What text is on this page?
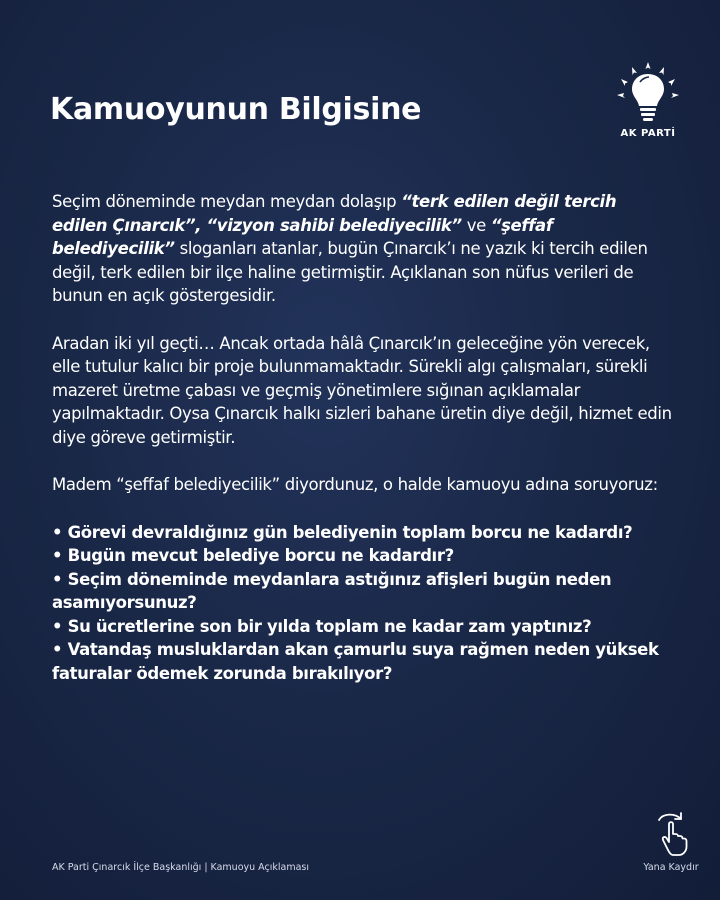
Kamuoyunun Bilgisine
AK PARTİ

Seçim döneminde meydan meydan dolaşıp “terk edilen değil tercih edilen Çınarcık”, “vizyon sahibi belediyecilik” ve “şeffaf belediyecilik” sloganları atanlar, bugün Çınarcık’ı ne yazık ki tercih edilen değil, terk edilen bir ilçe haline getirmiştir. Açıklanan son nüfus verileri de bunun en açık göstergesidir.

Aradan iki yıl geçti… Ancak ortada hâlâ Çınarcık’ın geleceğine yön verecek, elle tutulur kalıcı bir proje bulunmamaktadır. Sürekli algı çalışmaları, sürekli mazeret üretme çabası ve geçmiş yönetimlere sığınan açıklamalar yapılmaktadır. Oysa Çınarcık halkı sizleri bahane üretin diye değil, hizmet edin diye göreve getirmiştir.

Madem “şeffaf belediyecilik” diyordunuz, o halde kamuoyu adına soruyoruz:

• Görevi devraldığınız gün belediyenin toplam borcu ne kadardı?
• Bugün mevcut belediye borcu ne kadardır?
• Seçim döneminde meydanlara astığınız afişleri bugün neden asamıyorsunuz?
• Su ücretlerine son bir yılda toplam ne kadar zam yaptınız?
• Vatandaş musluklardan akan çamurlu suya rağmen neden yüksek faturalar ödemek zorunda bırakılıyor?
AK Parti Çınarcık İlçe Başkanlığı | Kamuoyu Açıklaması	Yana Kaydır
